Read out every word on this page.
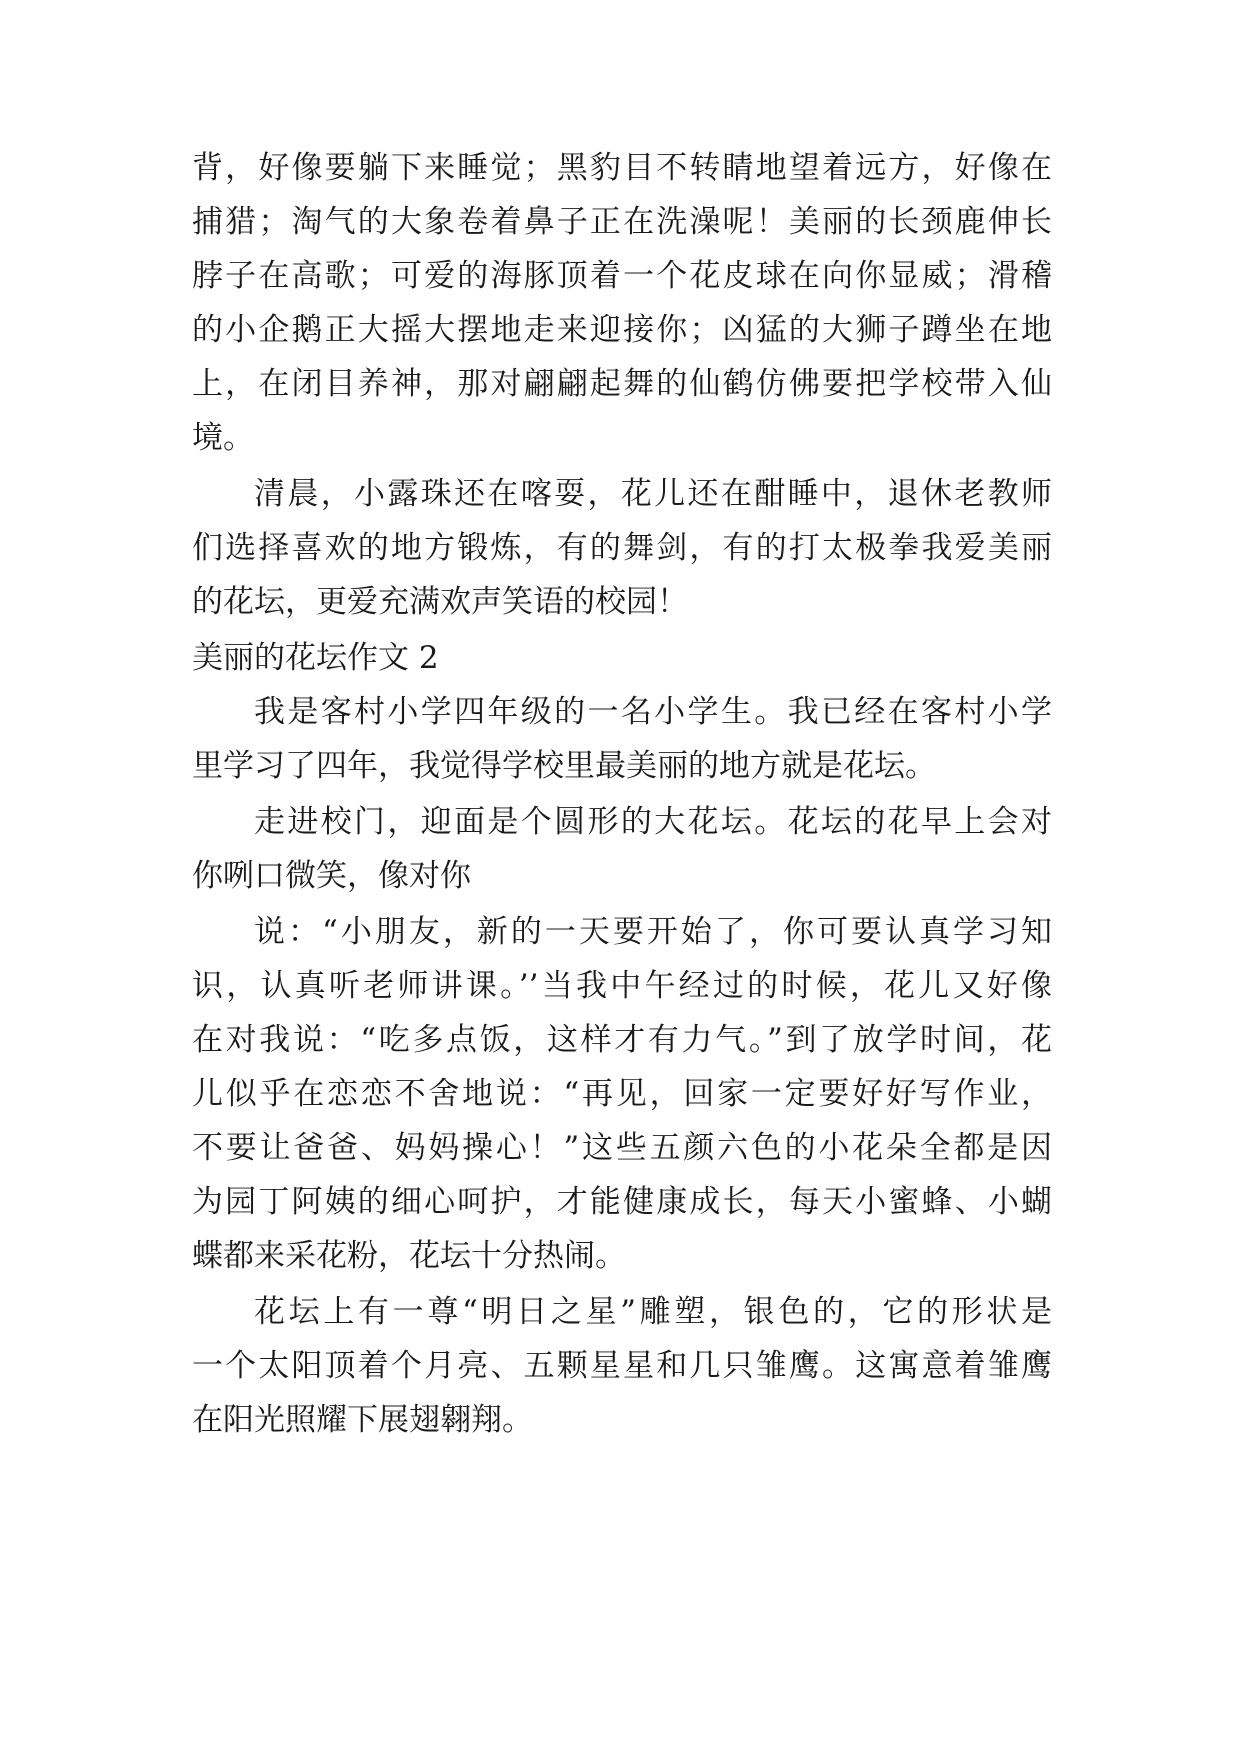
背，好像要躺下来睡觉；黑豹目不转睛地望着远方，好像在
捕猎；淘气的大象卷着鼻子正在洗澡呢！美丽的长颈鹿伸长
脖子在高歌；可爱的海豚顶着一个花皮球在向你显威；滑稽
的小企鹅正大摇大摆地走来迎接你；凶猛的大狮子蹲坐在地
上，在闭目养神，那对翩翩起舞的仙鹤仿佛要把学校带入仙
境。
清晨，小露珠还在喀耍，花儿还在酣睡中，退休老教师
们选择喜欢的地方锻炼，有的舞剑，有的打太极拳我爱美丽
的花坛，更爱充满欢声笑语的校园！
美丽的花坛作文 2
我是客村小学四年级的一名小学生。我已经在客村小学
里学习了四年，我觉得学校里最美丽的地方就是花坛。
走进校门，迎面是个圆形的大花坛。花坛的花早上会对
你咧口微笑，像对你
说：“小朋友，新的一天要开始了，你可要认真学习知
识，认真听老师讲课。’’当我中午经过的时候，花儿又好像
在对我说：“吃多点饭，这样才有力气。”到了放学时间，花
儿似乎在恋恋不舍地说：“再见，回家一定要好好写作业，
不要让爸爸、妈妈操心！”这些五颜六色的小花朵全都是因
为园丁阿姨的细心呵护，才能健康成长，每天小蜜蜂、小蝴
蝶都来采花粉，花坛十分热闹。
花坛上有一尊“明日之星”雕塑，银色的，它的形状是
一个太阳顶着个月亮、五颗星星和几只雏鹰。这寓意着雏鹰
在阳光照耀下展翅翱翔。
